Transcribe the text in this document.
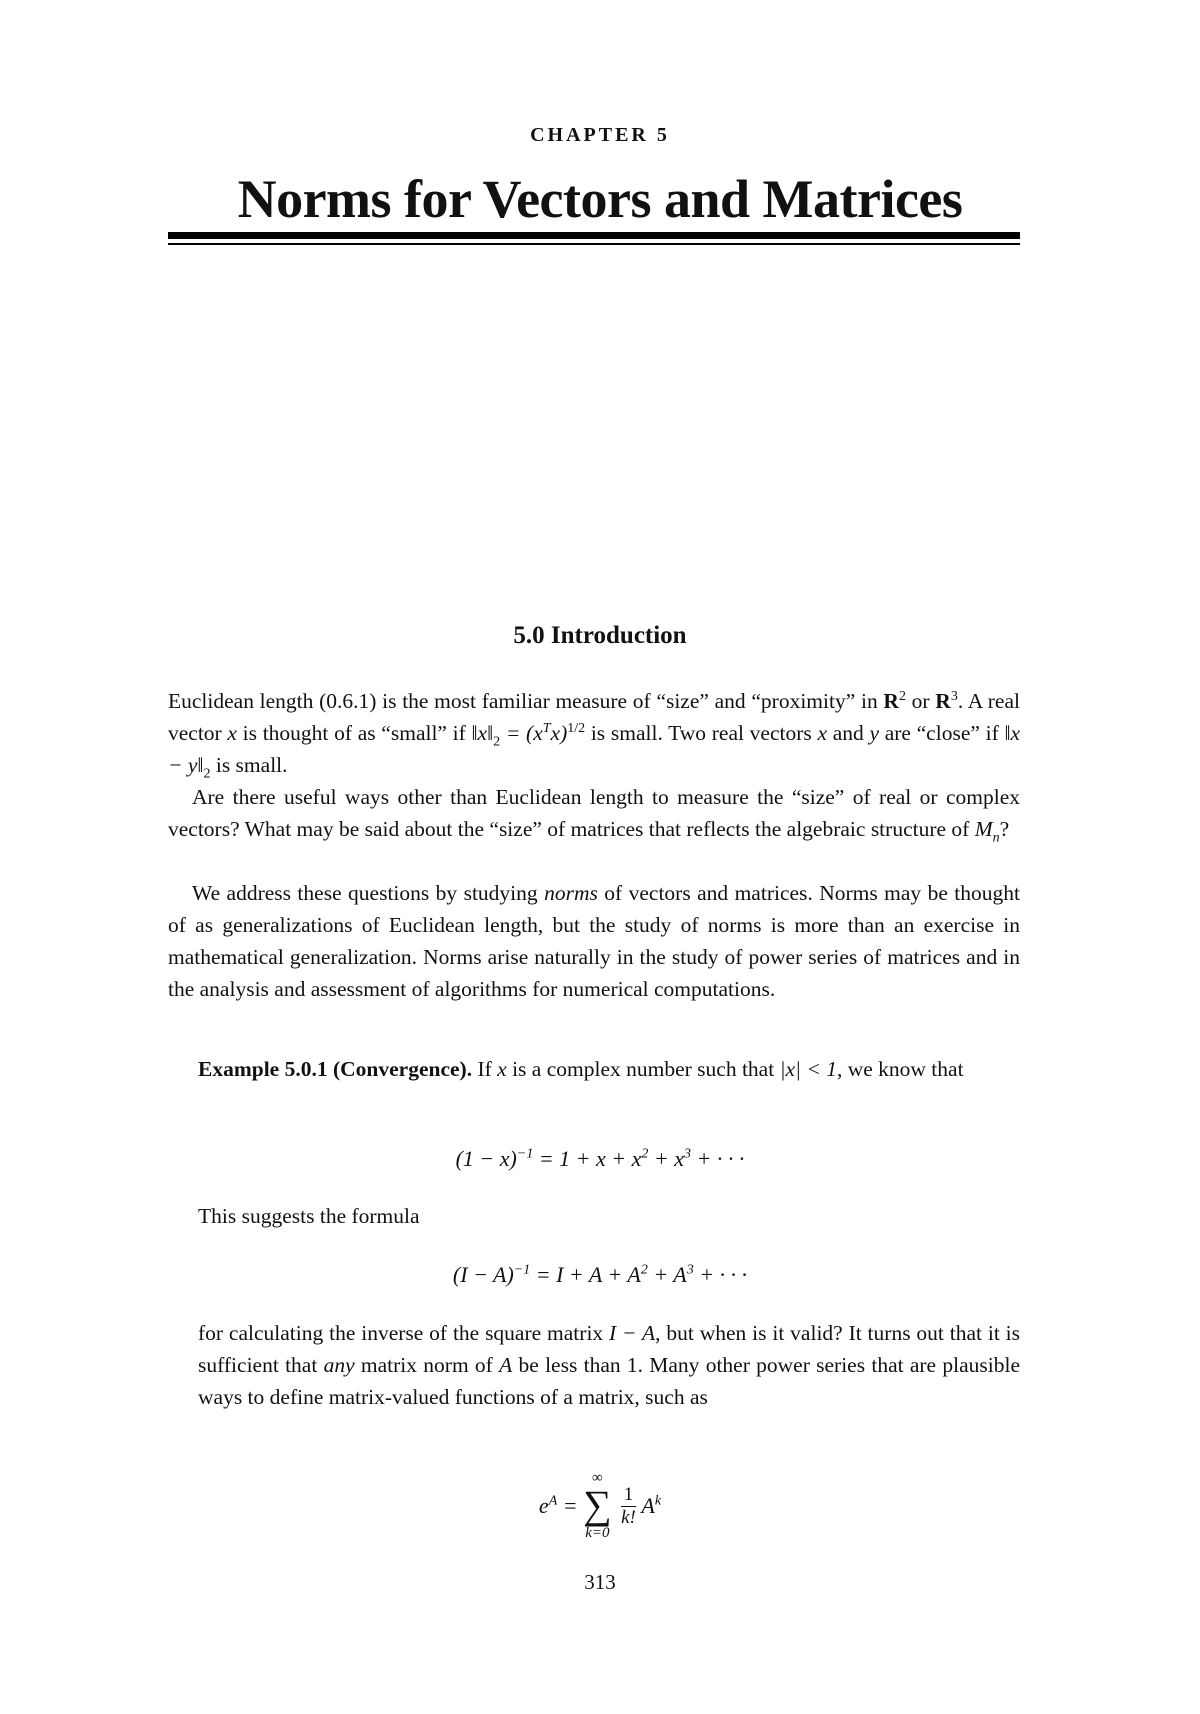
CHAPTER 5
Norms for Vectors and Matrices
5.0 Introduction

Euclidean length (0.6.1) is the most familiar measure of “size” and “proximity” in $R^2$ or $R^3$. A real vector x is thought of as “small” if $‖x‖_2 = (x^Tx)^{1/2}$ is small. Two real vectors x and y are “close” if ‖x − $y‖_2$ is small.

Are there useful ways other than Euclidean length to measure the “size” of real or complex vectors? What may be said about the “size” of matrices that reflects the algebraic structure of $M_n$?

We address these questions by studying norms of vectors and matrices. Norms may be thought of as generalizations of Euclidean length, but the study of norms is more than an exercise in mathematical generalization. Norms arise naturally in the study of power series of matrices and in the analysis and assessment of algorithms for numerical computations.

Example 5.0.1 (Convergence). If x is a complex number such that |x| < 1, we know that
$(1 - x)^{-1} = 1 + x + x^2 + x^3$ + · · ·
This suggests the formula
$(I - A)^{-1} = I + A + A^2 + A^3$ + · · ·
for calculating the inverse of the square matrix I − A, but when is it valid? It turns out that it is sufficient that any matrix norm of A be less than 1. Many other power series that are plausible ways to define matrix-valued functions of a matrix, such as
$e^A$ =
∞
∑
k=0

$\frac{1}{k!} A^k$
313
